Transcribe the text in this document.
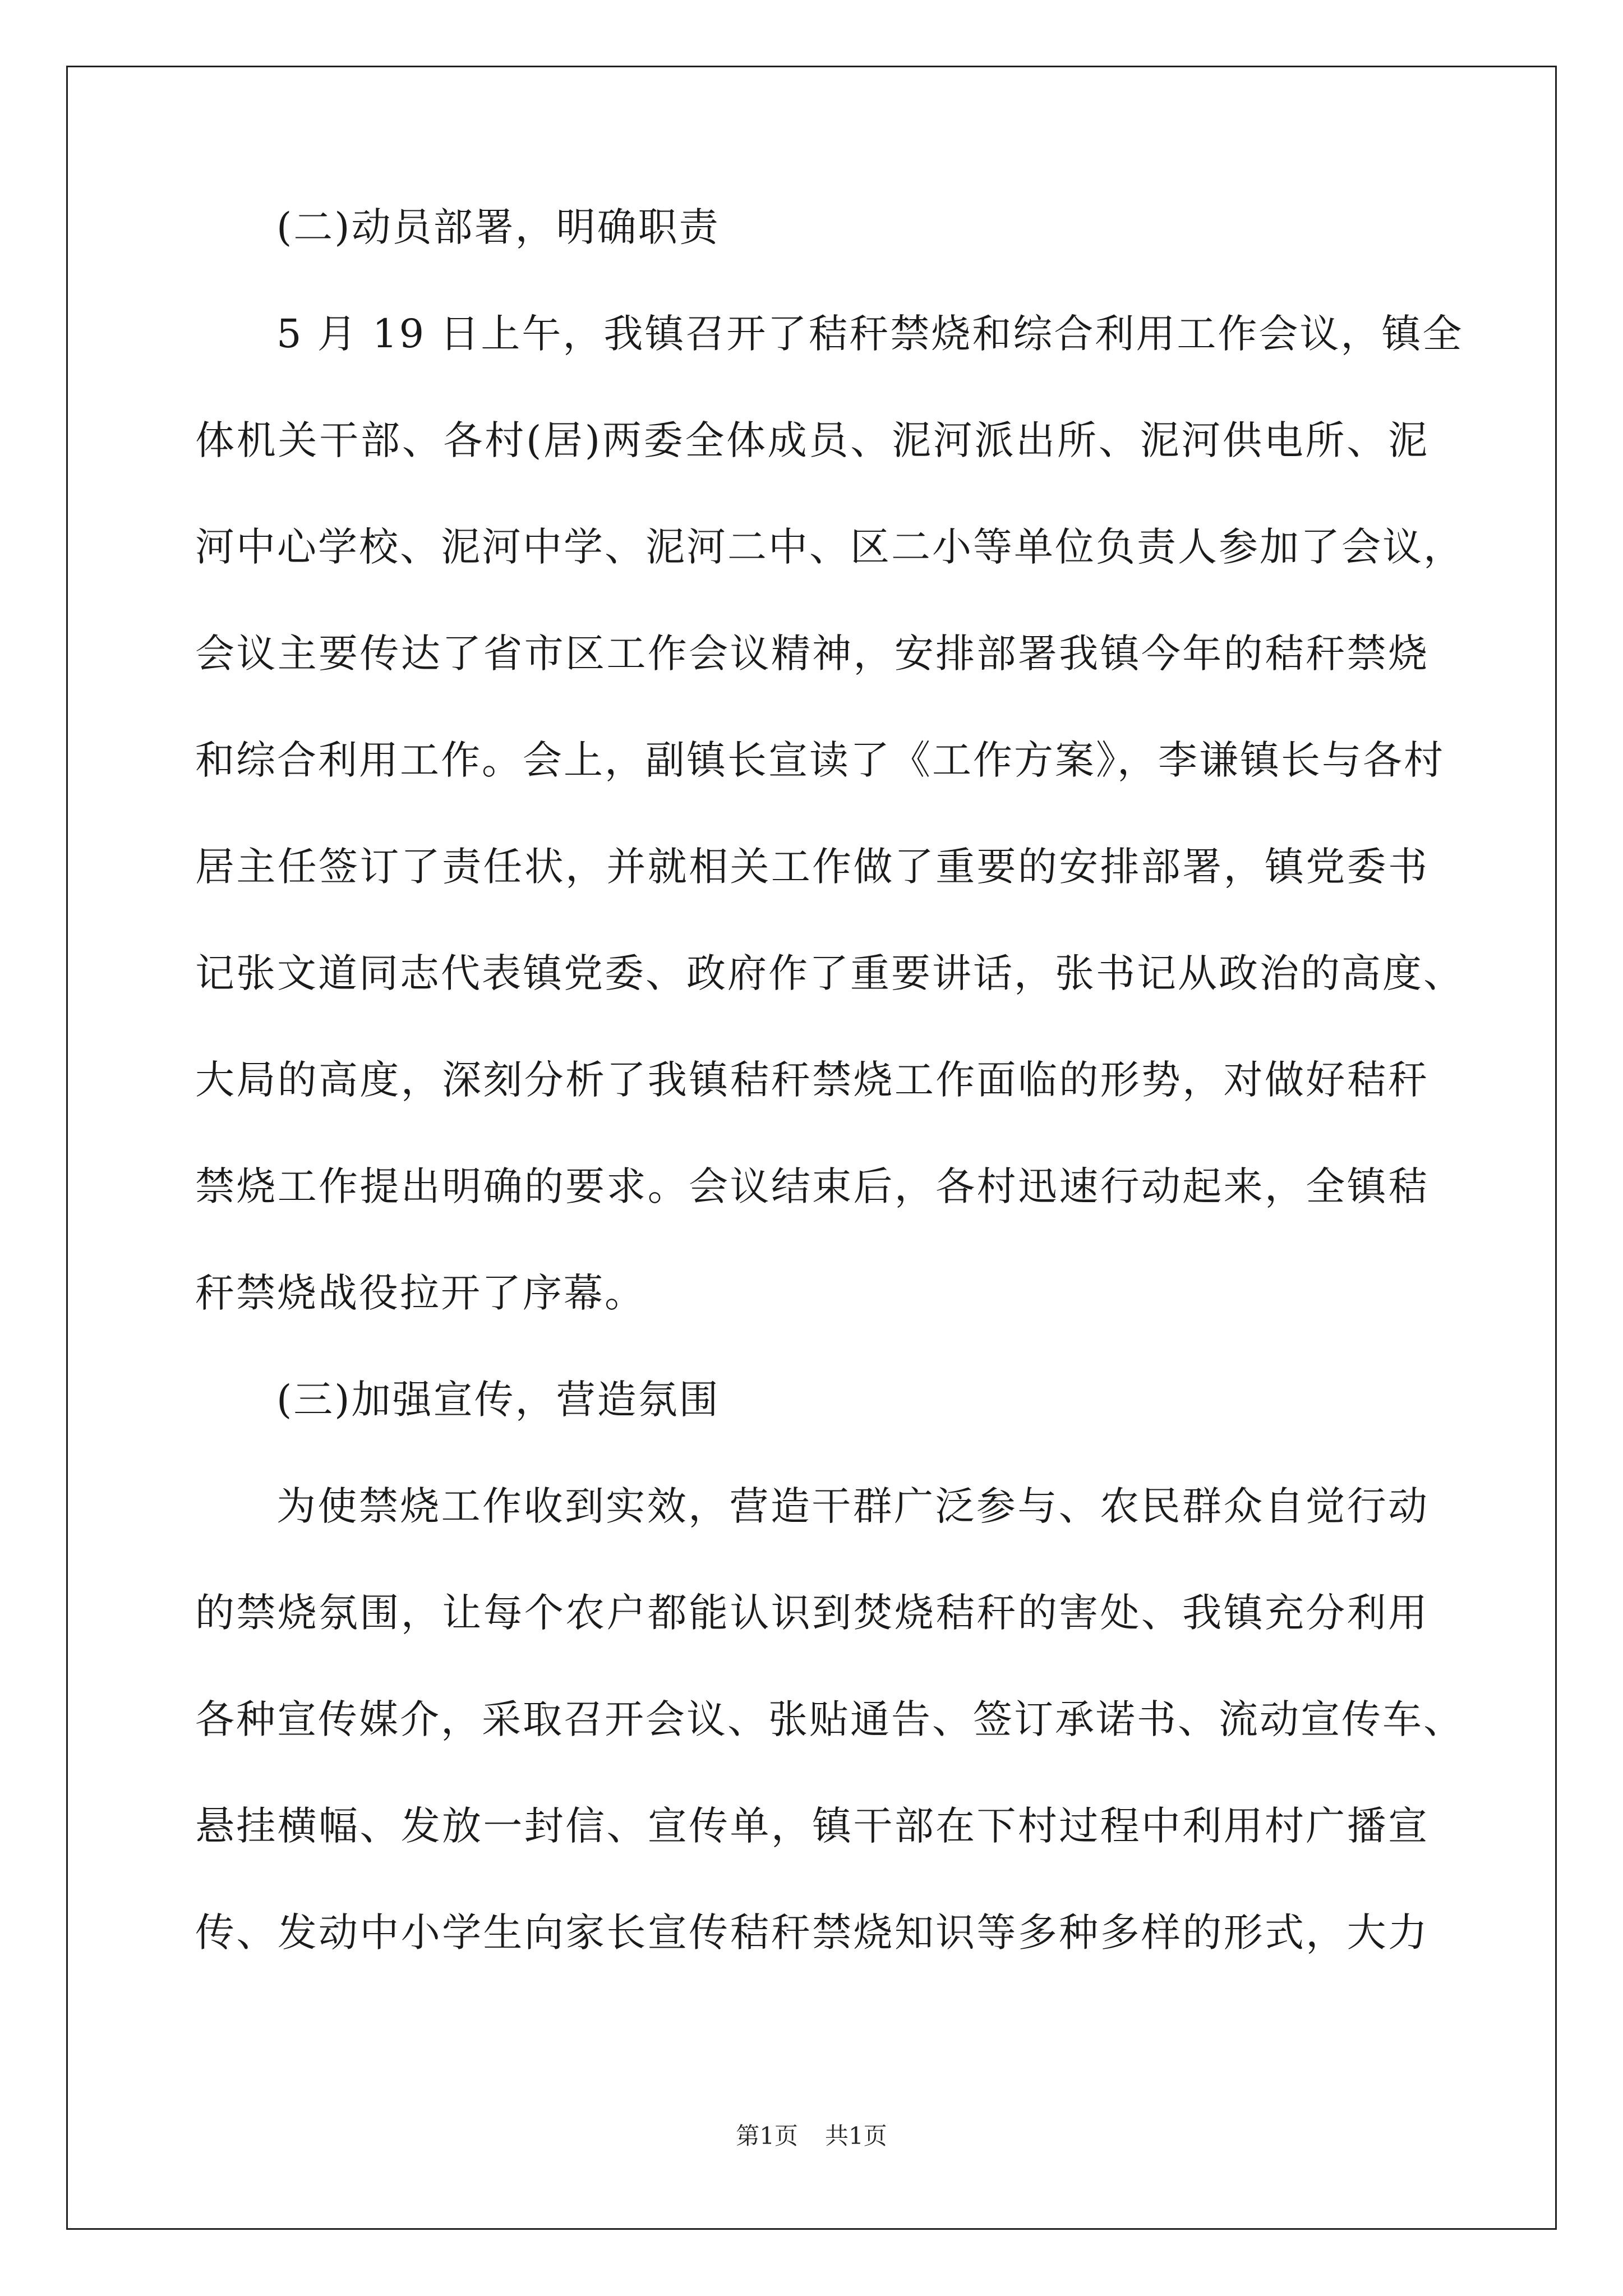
(二)动员部署，明确职责
5 月 19 日上午，我镇召开了秸秆禁烧和综合利用工作会议，镇全
体机关干部、各村(居)两委全体成员、泥河派出所、泥河供电所、泥
河中心学校、泥河中学、泥河二中、区二小等单位负责人参加了会议，
会议主要传达了省市区工作会议精神，安排部署我镇今年的秸秆禁烧
和综合利用工作。会上，副镇长宣读了《工作方案》，李谦镇长与各村
居主任签订了责任状，并就相关工作做了重要的安排部署，镇党委书
记张文道同志代表镇党委、政府作了重要讲话，张书记从政治的高度、
大局的高度，深刻分析了我镇秸秆禁烧工作面临的形势，对做好秸秆
禁烧工作提出明确的要求。会议结束后，各村迅速行动起来，全镇秸
秆禁烧战役拉开了序幕。
(三)加强宣传，营造氛围
为使禁烧工作收到实效，营造干群广泛参与、农民群众自觉行动
的禁烧氛围，让每个农户都能认识到焚烧秸秆的害处、我镇充分利用
各种宣传媒介，采取召开会议、张贴通告、签订承诺书、流动宣传车、
悬挂横幅、发放一封信、宣传单，镇干部在下村过程中利用村广播宣
传、发动中小学生向家长宣传秸秆禁烧知识等多种多样的形式，大力
第1页 共1页
